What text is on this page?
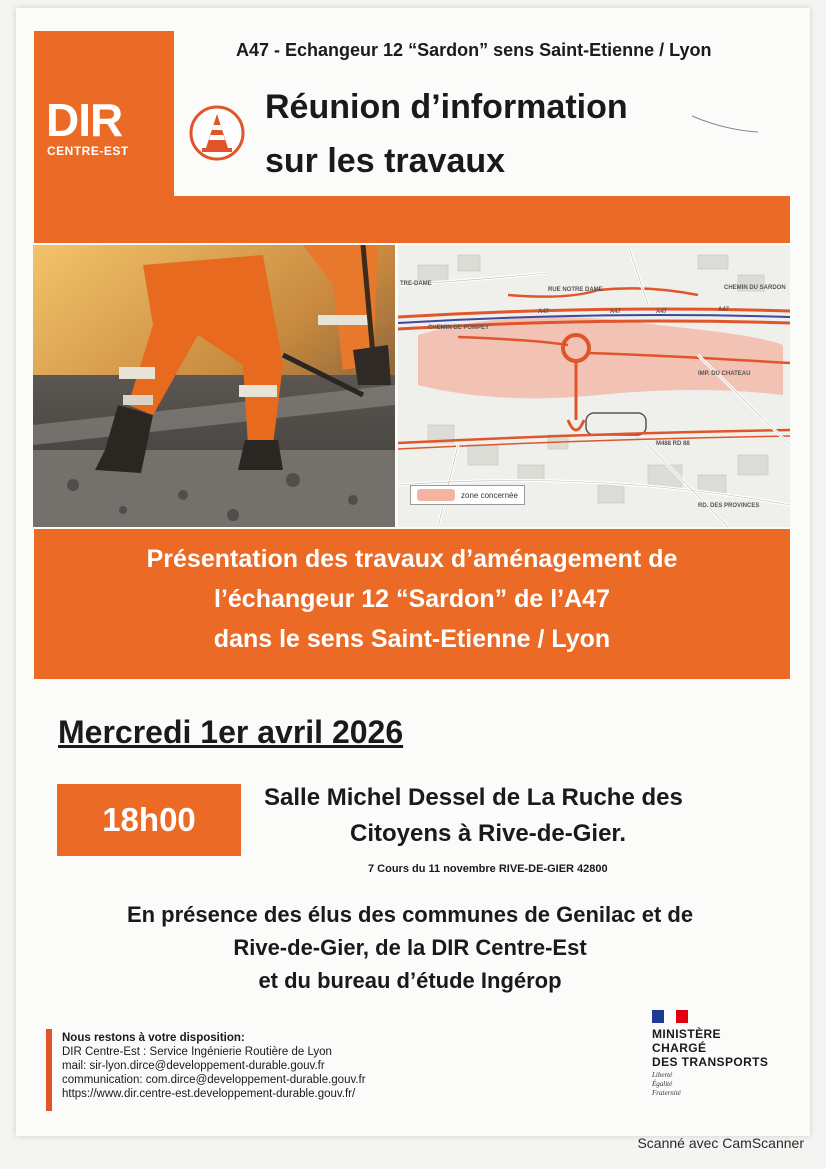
A47 - Echangeur 12 “Sardon” sens Saint-Etienne / Lyon
DIR
CENTRE-EST
Réunion d’information
sur les travaux
RUE NOTRE DAME	CHEMIN DU SARDON
A47	A47	A47	A47
CHEMIN DE POMPEY
TRE-DAME
IMP. DU CHATEAU
M488 RD 88
RD. DES PROVINCES
zone concernée
Présentation des travaux d’aménagement de
l’échangeur 12 “Sardon” de l’A47
dans le sens Saint-Etienne / Lyon
Mercredi 1er avril 2026
18h00
Salle Michel Dessel de La Ruche des
Citoyens à Rive-de-Gier.
7 Cours du 11 novembre RIVE-DE-GIER 42800
En présence des élus des communes de Genilac et de
Rive-de-Gier, de la DIR Centre-Est
et du bureau d’étude Ingérop
Nous restons à votre disposition:
DIR Centre-Est : Service Ingénierie Routière de Lyon
mail: sir-lyon.dirce@developpement-durable.gouv.fr
communication: com.dirce@developpement-durable.gouv.fr
https://www.dir.centre-est.developpement-durable.gouv.fr/
MINISTÈRE
CHARGÉ
DES TRANSPORTS
Liberté
Égalité
Fraternité
Scanné avec CamScanner
